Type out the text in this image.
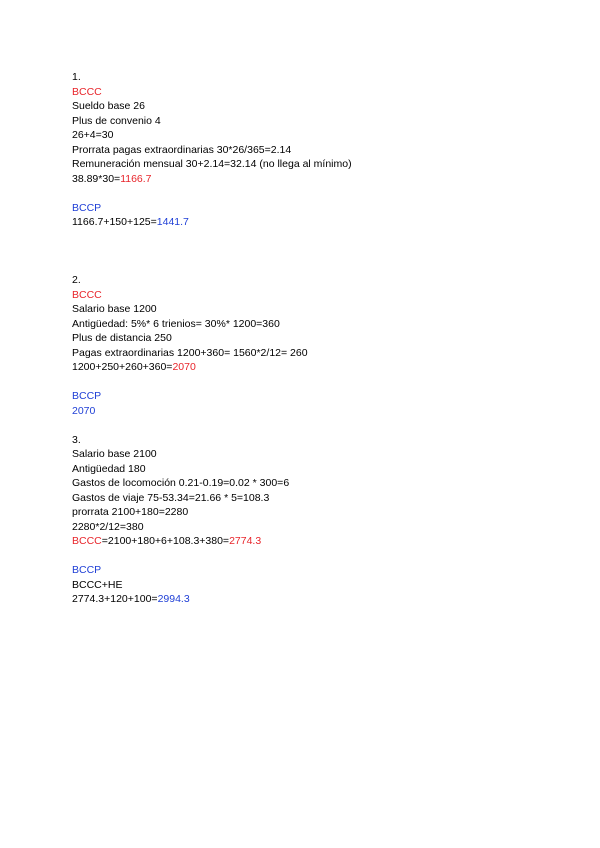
1.
BCCC
Sueldo base 26
Plus de convenio 4
26+4=30
Prorrata pagas extraordinarias 30*26/365=2.14
Remuneración mensual 30+2.14=32.14 (no llega al mínimo)
38.89*30=1166.7
BCCP
1166.7+150+125=1441.7
2.
BCCC
Salario base 1200
Antigüedad: 5%* 6 trienios= 30%* 1200=360
Plus de distancia 250
Pagas extraordinarias 1200+360= 1560*2/12= 260
1200+250+260+360=2070
BCCP
2070
3.
Salario base 2100
Antigüedad 180
Gastos de locomoción 0.21-0.19=0.02 * 300=6
Gastos de viaje 75-53.34=21.66 * 5=108.3
prorrata 2100+180=2280
2280*2/12=380
BCCC=2100+180+6+108.3+380=2774.3
BCCP
BCCC+HE
2774.3+120+100=2994.3
